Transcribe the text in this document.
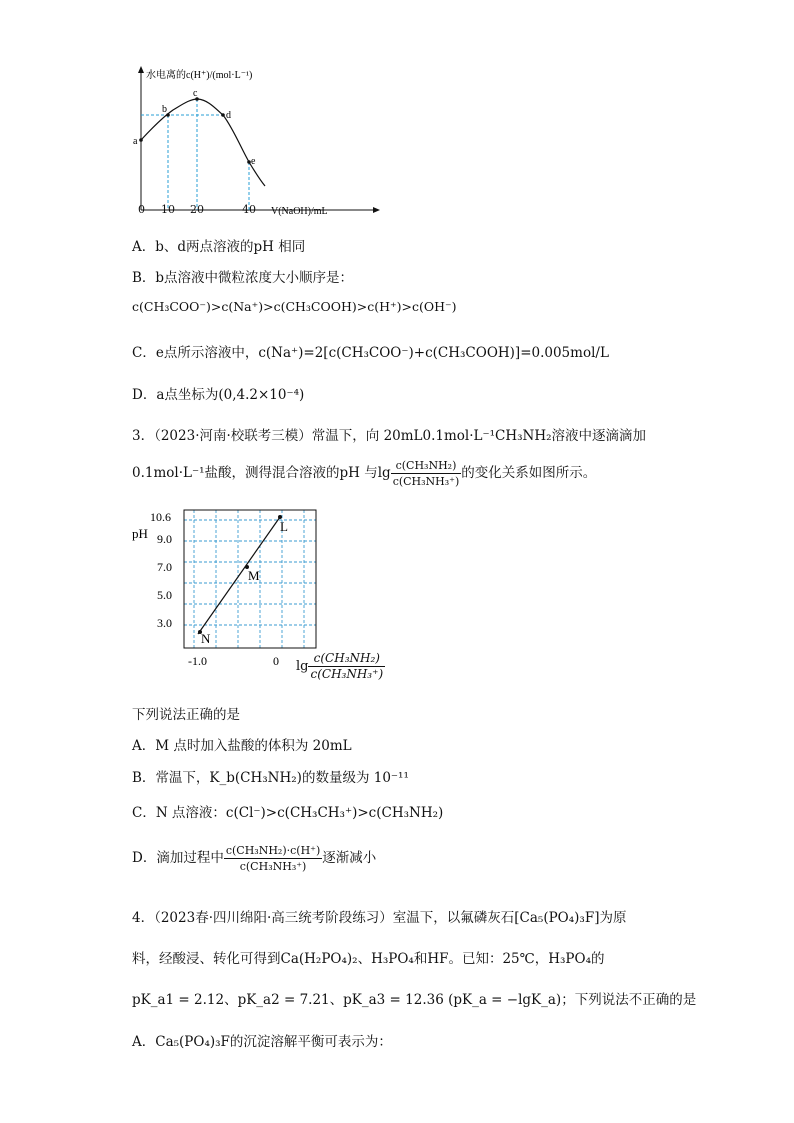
a
b
c
d
e
水电离的c(H⁺)/(mol·L⁻¹)
V(NaOH)/mL
0 10 20	40
A．b、d两点溶液的pH 相同
B．b点溶液中微粒浓度大小顺序是：
c(CH₃COO⁻)>c(Na⁺)>c(CH₃COOH)>c(H⁺)>c(OH⁻)
C．e点所示溶液中，c(Na⁺)=2[c(CH₃COO⁻)+c(CH₃COOH)]=0.005mol/L
D．a点坐标为(0,4.2×10⁻⁴)
3．（2023·河南·校联考三模）常温下，向 20mL0.1mol·L⁻¹CH₃NH₂溶液中逐滴滴加
0.1mol·L⁻¹盐酸，测得混合溶液的pH 与$\lg \frac{\text{c(CH₃NH₂)}}{\text{c(CH₃NH₃⁺)}}$ 的变化关系如图所示。
L
M
N
pH
10.6
9.0
7.0
5.0
3.0
-1.0	0 $\lg \frac{\text{c(CH₃NH₂)}}{\text{c(CH₃NH₃⁺)}}$
下列说法正确的是
A．M 点时加入盐酸的体积为 20mL
B．常温下，K_b(CH₃NH₂)的数量级为 10⁻¹¹
C．N 点溶液：c(Cl⁻)>c(CH₃CH₃⁺)>c(CH₃NH₂)
D．滴加过程中 $\frac{\text{c(CH₃NH₂)·c(H⁺)}}{\text{c(CH₃NH₃⁺)}}$ 逐渐减小
4．（2023春·四川绵阳·高三统考阶段练习）室温下，以氟磷灰石[Ca₅(PO₄)₃F]为原
料，经酸浸、转化可得到Ca(H₂PO₄)₂、H₃PO₄和HF。已知：25℃，H₃PO₄的
pK_a1 = 2.12、pK_a2 = 7.21、pK_a3 = 12.36 (pK_a = −lgK_a)；下列说法不正确的是
A．Ca₅(PO₄)₃F的沉淀溶解平衡可表示为：
